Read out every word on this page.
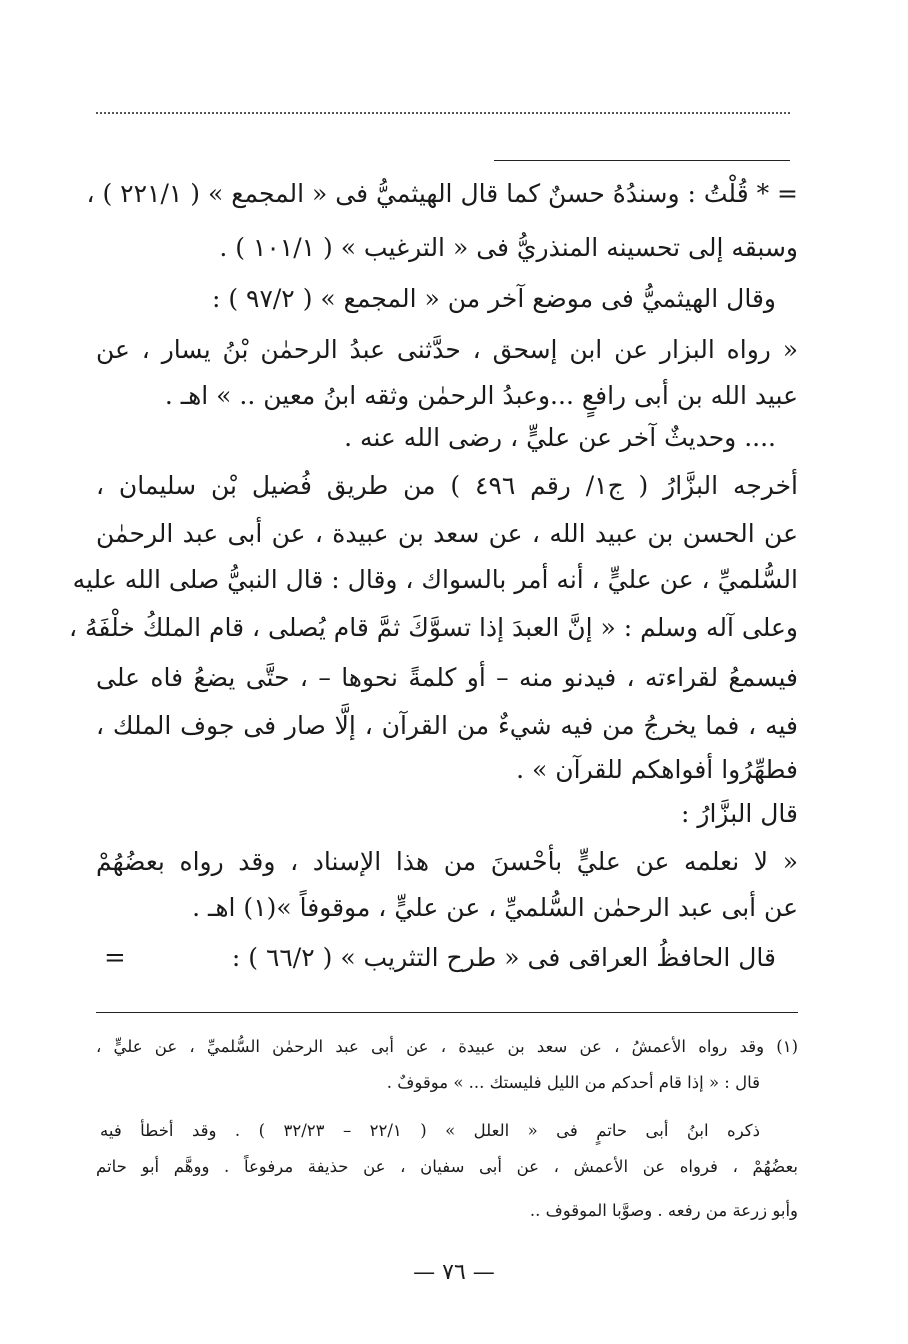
= * قُلْتُ : وسندُهُ حسنٌ كما قال الهيثميُّ فى « المجمع » ( ٢٢١/١ ) ،
وسبقه إلى تحسينه المنذريُّ فى « الترغيب » ( ١٠١/١ ) .
وقال الهيثميُّ فى موضع آخر من « المجمع » ( ٩٧/٢ ) :
« رواه البزار عن ابن إسحق ، حدَّثنى عبدُ الرحمٰن بْنُ يسار ، عن
عبيد الله بن أبى رافعٍ ...وعبدُ الرحمٰن وثقه ابنُ معين .. » اهـ .
.... وحديثٌ آخر عن عليٍّ ، رضى الله عنه .
أخرجه البزَّارُ ( ج١/ رقم ٤٩٦ ) من طريق فُضيل بْن سليمان ،
عن الحسن بن عبيد الله ، عن سعد بن عبيدة ، عن أبى عبد الرحمٰن
السُّلميِّ ، عن عليٍّ ، أنه أمر بالسواك ، وقال : قال النبيُّ صلى الله عليه
وعلى آله وسلم : « إنَّ العبدَ إذا تسوَّكَ ثمَّ قام يُصلى ، قام الملكُ خلْفَهُ ،
فيسمعُ لقراءته ، فيدنو منه – أو كلمةً نحوها – ، حتَّى يضعُ فاه على
فيه ، فما يخرجُ من فيه شيءٌ من القرآن ، إلَّا صار فى جوف الملك ،
فطهِّرُوا أفواهكم للقرآن » .
قال البزَّارُ :
« لا نعلمه عن عليٍّ بأحْسنَ من هذا الإسناد ، وقد رواه بعضُهُمْ
عن أبى عبد الرحمٰن السُّلميِّ ، عن عليٍّ ، موقوفاً »(١) اهـ .
قال الحافظُ العراقى فى « طرح التثريب » ( ٦٦/٢ ) :
=
(١) وقد رواه الأعمشُ ، عن سعد بن عبيدة ، عن أبى عبد الرحمٰن السُّلميِّ ، عن عليٍّ ،
قال : « إذا قام أحدكم من الليل فليستك ... » موقوفٌ .
ذكره ابنُ أبى حاتمٍ فى « العلل » ( ٢٢/١ – ٣٢/٢٣ ) . وقد أخطأ فيه
بعضُهُمْ ، فرواه عن الأعمش ، عن أبى سفيان ، عن حذيفة مرفوعاً . ووهَّم أبو حاتم
وأبو زرعة من رفعه . وصوَّبا الموقوف ..
— ٧٦ —
